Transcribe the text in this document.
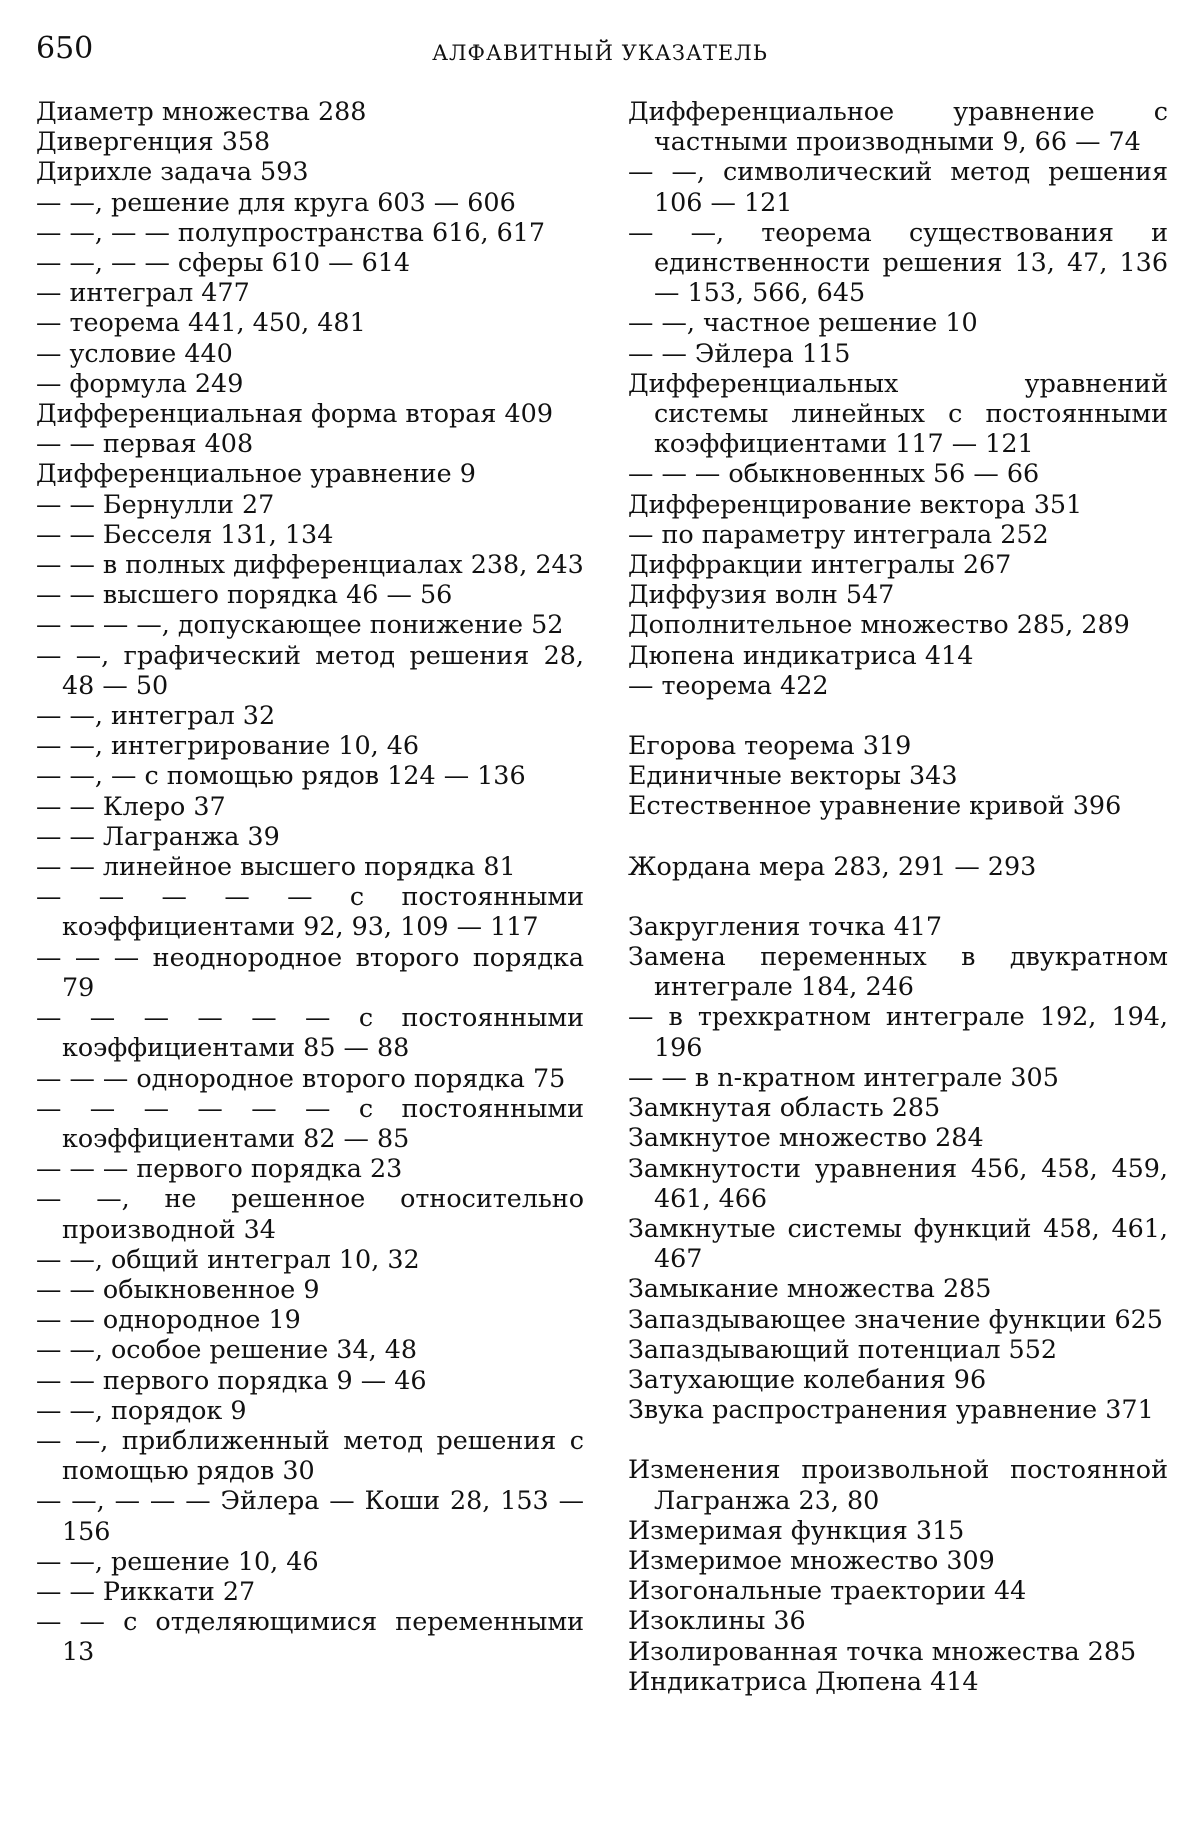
650	АЛФАВИТНЫЙ УКАЗАТЕЛЬ

Диаметр множества 288

Дивергенция 358

Дирихле задача 593

— —, решение для круга 603 — 606

— —, — — полупространства 616, 617

— —, — — сферы 610 — 614

— интеграл 477

— теорема 441, 450, 481

— условие 440

— формула 249

Дифференциальная форма вторая 409

— — первая 408

Дифференциальное уравнение 9

— — Бернулли 27

— — Бесселя 131, 134

— — в полных дифференциалах 238, 243

— — высшего порядка 46 — 56

— — — —, допускающее понижение 52

— —, графический метод решения 28, 48 — 50

— —, интеграл 32

— —, интегрирование 10, 46

— —, — с помощью рядов 124 — 136

— — Клеро 37

— — Лагранжа 39

— — линейное высшего порядка 81

— — — — — с постоянными коэффициентами 92, 93, 109 — 117

— — — неоднородное второго порядка 79

— — — — — — с постоянными коэффициентами 85 — 88

— — — однородное второго порядка 75

— — — — — — с постоянными коэффициентами 82 — 85

— — — первого порядка 23

— —, не решенное относительно производной 34

— —, общий интеграл 10, 32

— — обыкновенное 9

— — однородное 19

— —, особое решение 34, 48

— — первого порядка 9 — 46

— —, порядок 9

— —, приближенный метод решения с помощью рядов 30

— —, — — — Эйлера — Коши 28, 153 — 156

— —, решение 10, 46

— — Риккати 27

— — с отделяющимися переменными 13

Дифференциальное уравнение с частными производными 9, 66 — 74

— —, символический метод решения 106 — 121

— —, теорема существования и единственности решения 13, 47, 136 — 153, 566, 645

— —, частное решение 10

— — Эйлера 115

Дифференциальных уравнений системы линейных с постоянными коэффициентами 117 — 121

— — — обыкновенных 56 — 66

Дифференцирование вектора 351

— по параметру интеграла 252

Диффракции интегралы 267

Диффузия волн 547

Дополнительное множество 285, 289

Дюпена индикатриса 414

— теорема 422

Егорова теорема 319

Единичные векторы 343

Естественное уравнение кривой 396

Жордана мера 283, 291 — 293

Закругления точка 417

Замена переменных в двукратном интеграле 184, 246

— в трехкратном интеграле 192, 194, 196

— — в n-кратном интеграле 305

Замкнутая область 285

Замкнутое множество 284

Замкнутости уравнения 456, 458, 459, 461, 466

Замкнутые системы функций 458, 461, 467

Замыкание множества 285

Запаздывающее значение функции 625

Запаздывающий потенциал 552

Затухающие колебания 96

Звука распространения уравнение 371

Изменения произвольной постоянной Лагранжа 23, 80

Измеримая функция 315

Измеримое множество 309

Изогональные траектории 44

Изоклины 36

Изолированная точка множества 285

Индикатриса Дюпена 414
